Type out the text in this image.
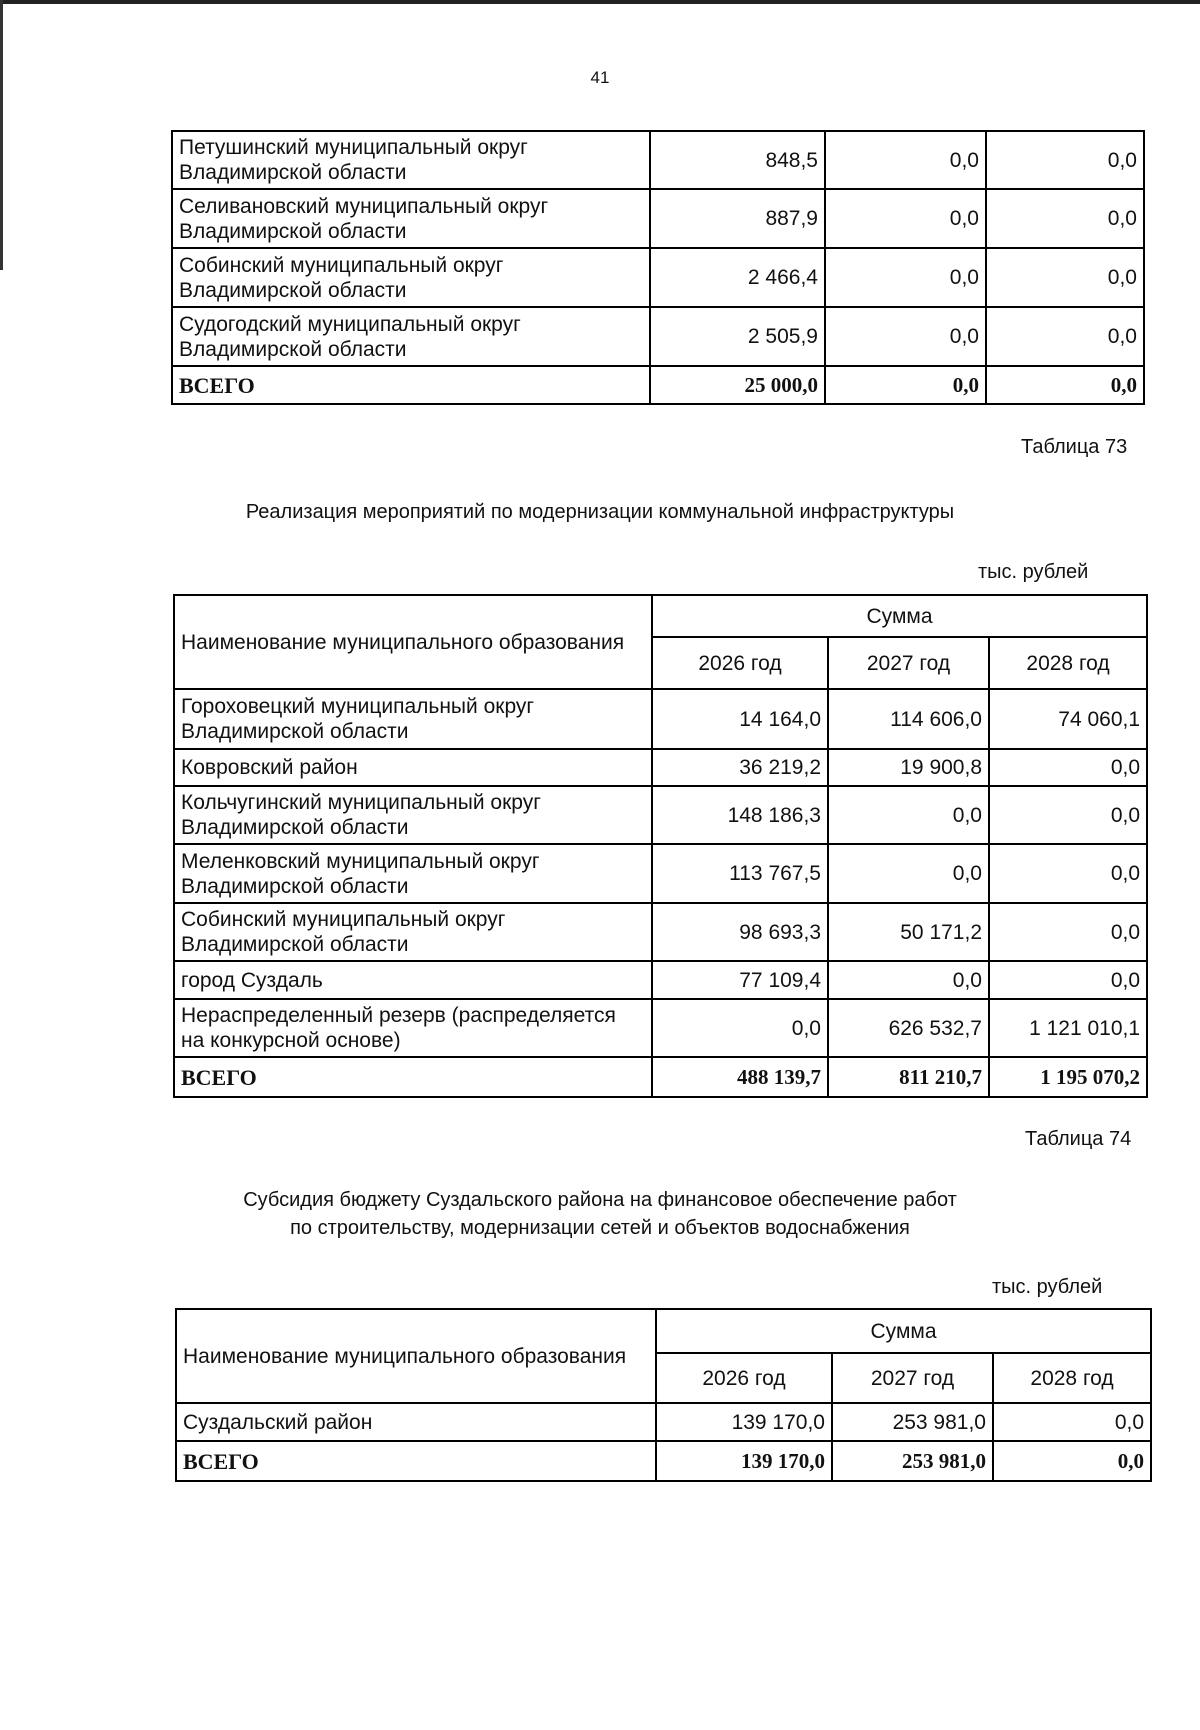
41
Петушинский муниципальный округ
Владимирской области	848,5	0,0	0,0
Селивановский муниципальный округ
Владимирской области	887,9	0,0	0,0
Собинский муниципальный округ
Владимирской области	2 466,4	0,0	0,0
Судогодский муниципальный округ
Владимирской области	2 505,9	0,0	0,0
ВСЕГО	25 000,0	0,0	0,0
Таблица 73
Реализация мероприятий по модернизации коммунальной инфраструктуры
тыс. рублей
Наименование муниципального образования	Сумма		
	2026 год	2027 год	2028 год
Гороховецкий муниципальный округ
Владимирской области	14 164,0	114 606,0	74 060,1
Ковровский район	36 219,2	19 900,8	0,0
Кольчугинский муниципальный округ
Владимирской области	148 186,3	0,0	0,0
Меленковский муниципальный округ
Владимирской области	113 767,5	0,0	0,0
Собинский муниципальный округ
Владимирской области	98 693,3	50 171,2	0,0
город Суздаль	77 109,4	0,0	0,0
Нераспределенный резерв (распределяется
на конкурсной основе)	0,0	626 532,7	1 121 010,1
ВСЕГО	488 139,7	811 210,7	1 195 070,2
Таблица 74
Субсидия бюджету Суздальского района на финансовое обеспечение работ
по строительству, модернизации сетей и объектов водоснабжения
тыс. рублей
Наименование муниципального образования	Сумма		
	2026 год	2027 год	2028 год
Суздальский район	139 170,0	253 981,0	0,0
ВСЕГО	139 170,0	253 981,0	0,0
